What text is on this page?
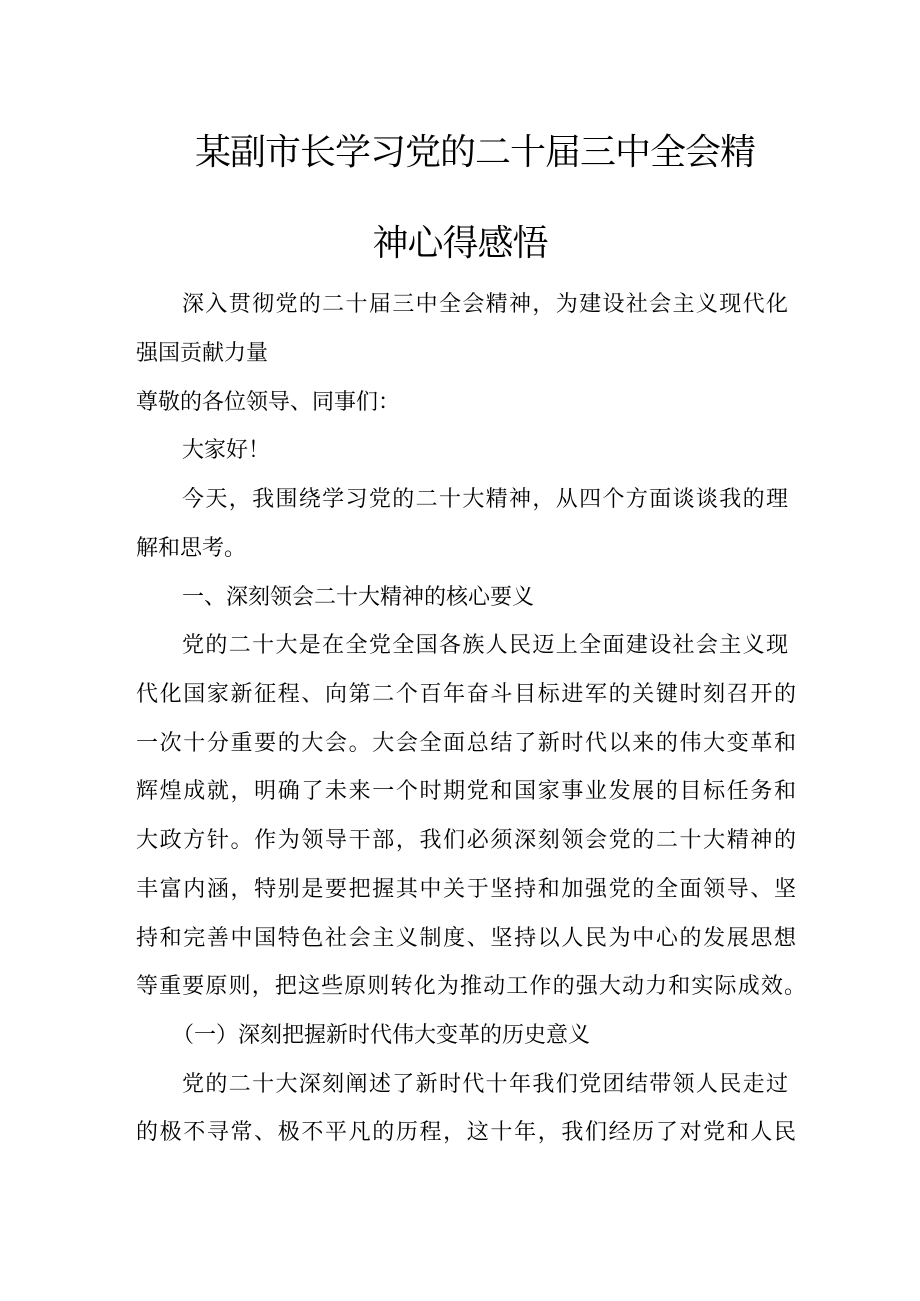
某副市长学习党的二十届三中全会精
神心得感悟
深入贯彻党的二十届三中全会精神，为建设社会主义现代化
强国贡献力量
尊敬的各位领导、同事们：
大家好！
今天，我围绕学习党的二十大精神，从四个方面谈谈我的理
解和思考。
一、深刻领会二十大精神的核心要义
党的二十大是在全党全国各族人民迈上全面建设社会主义现
代化国家新征程、向第二个百年奋斗目标进军的关键时刻召开的
一次十分重要的大会。大会全面总结了新时代以来的伟大变革和
辉煌成就，明确了未来一个时期党和国家事业发展的目标任务和
大政方针。作为领导干部，我们必须深刻领会党的二十大精神的
丰富内涵，特别是要把握其中关于坚持和加强党的全面领导、坚
持和完善中国特色社会主义制度、坚持以人民为中心的发展思想
等重要原则，把这些原则转化为推动工作的强大动力和实际成效。
（一）深刻把握新时代伟大变革的历史意义
党的二十大深刻阐述了新时代十年我们党团结带领人民走过
的极不寻常、极不平凡的历程，这十年，我们经历了对党和人民
